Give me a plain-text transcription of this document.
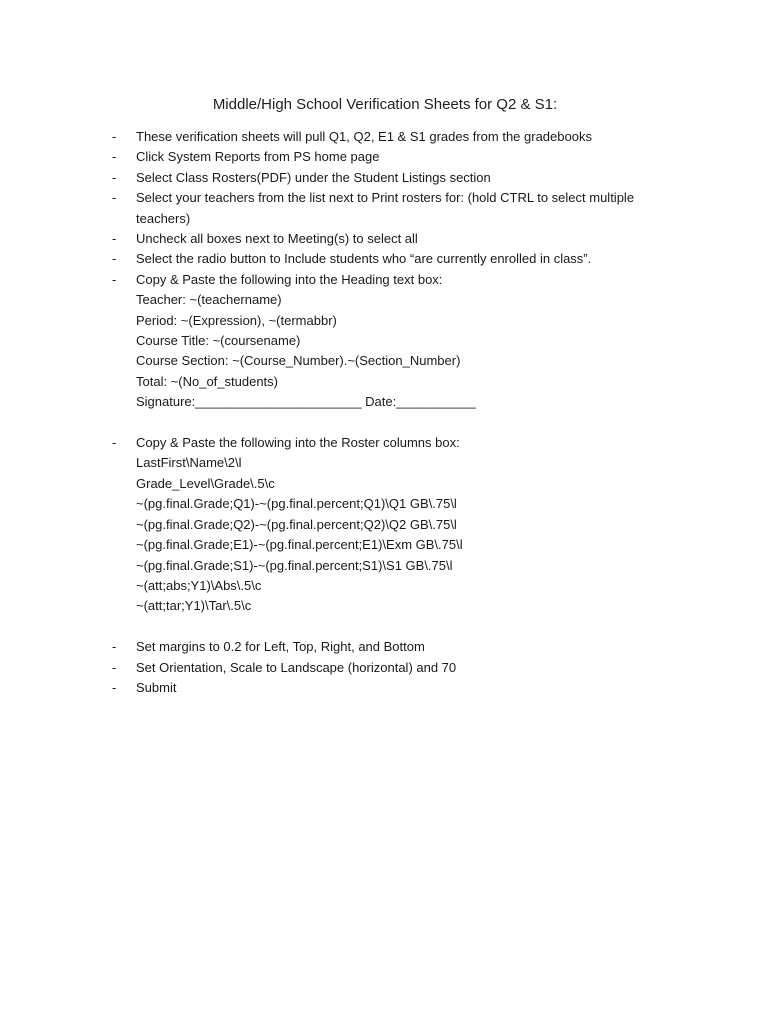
Middle/High School Verification Sheets for Q2 & S1:
- These verification sheets will pull Q1, Q2, E1 & S1 grades from the gradebooks
- Click System Reports from PS home page
- Select Class Rosters(PDF) under the Student Listings section
- Select your teachers from the list next to Print rosters for: (hold CTRL to select multiple teachers)
- Uncheck all boxes next to Meeting(s) to select all
- Select the radio button to Include students who “are currently enrolled in class”.
- Copy & Paste the following into the Heading text box:
Teacher: ~(teachername)
Period: ~(Expression), ~(termabbr)
Course Title: ~(coursename)
Course Section: ~(Course_Number).~(Section_Number)
Total: ~(No_of_students)
Signature:_______________________ Date:___________
- Copy & Paste the following into the Roster columns box:
LastFirst\Name\2\l
Grade_Level\Grade\.5\c
~(pg.final.Grade;Q1)-~(pg.final.percent;Q1)\Q1 GB\.75\l
~(pg.final.Grade;Q2)-~(pg.final.percent;Q2)\Q2 GB\.75\l
~(pg.final.Grade;E1)-~(pg.final.percent;E1)\Exm GB\.75\l
~(pg.final.Grade;S1)-~(pg.final.percent;S1)\S1 GB\.75\l
~(att;abs;Y1)\Abs\.5\c
~(att;tar;Y1)\Tar\.5\c
- Set margins to 0.2 for Left, Top, Right, and Bottom
- Set Orientation, Scale to Landscape (horizontal) and 70
- Submit
